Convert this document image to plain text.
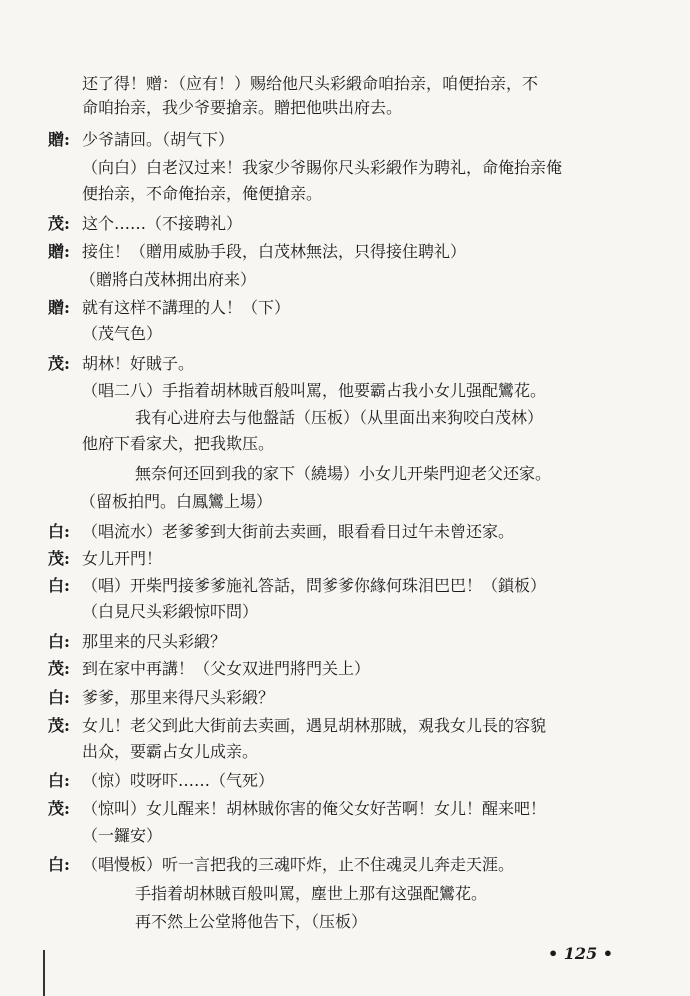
还了得！赠：（应有！）赐给他尺头彩緞命咱抬亲，咱便抬亲，不
命咱抬亲，我少爷要搶亲。贈把他哄出府去。
贈: 少爷請回。（胡气下）
（向白）白老汉过来！我家少爷賜你尺头彩緞作为聘礼，命俺抬亲俺
便抬亲，不命俺抬亲，俺便搶亲。
茂: 这个……（不接聘礼）
贈: 接住！（贈用威胁手段，白茂林無法，只得接住聘礼）
（贈將白茂林拥出府来）
贈: 就有这样不講理的人！（下）
（茂气色）
茂: 胡林！好賊子。
（唱二八）手指着胡林賊百般叫罵，他要霸占我小女儿强配鸞花。
我有心进府去与他盤話（压板）（从里面出来狗咬白茂林）
他府下看家犬，把我欺压。
無奈何还回到我的家下（繞場）小女儿开柴門迎老父还家。
（留板拍門。白鳳鸞上場）
白: （唱流水）老爹爹到大街前去卖画，眼看看日过午未曾还家。
茂: 女儿开門！
白: （唱）开柴門接爹爹施礼答話，問爹爹你緣何珠泪巴巴！（鎖板）
（白見尺头彩緞惊吓問）
白: 那里来的尺头彩緞？
茂: 到在家中再講！（父女双进門將門关上）
白: 爹爹，那里来得尺头彩緞？
茂: 女儿！老父到此大街前去卖画，遇見胡林那賊，覌我女儿長的容貌
出众，要霸占女儿成亲。
白: （惊）哎呀吓……（气死）
茂: （惊叫）女儿醒来！胡林賊你害的俺父女好苦啊！女儿！醒来吧！
（一鑼安）
白: （唱慢板）听一言把我的三魂吓炸，止不住魂灵儿奔走天涯。
手指着胡林賊百般叫罵，塵世上那有这强配鸞花。
再不然上公堂將他告下，（压板）
• 125 •
